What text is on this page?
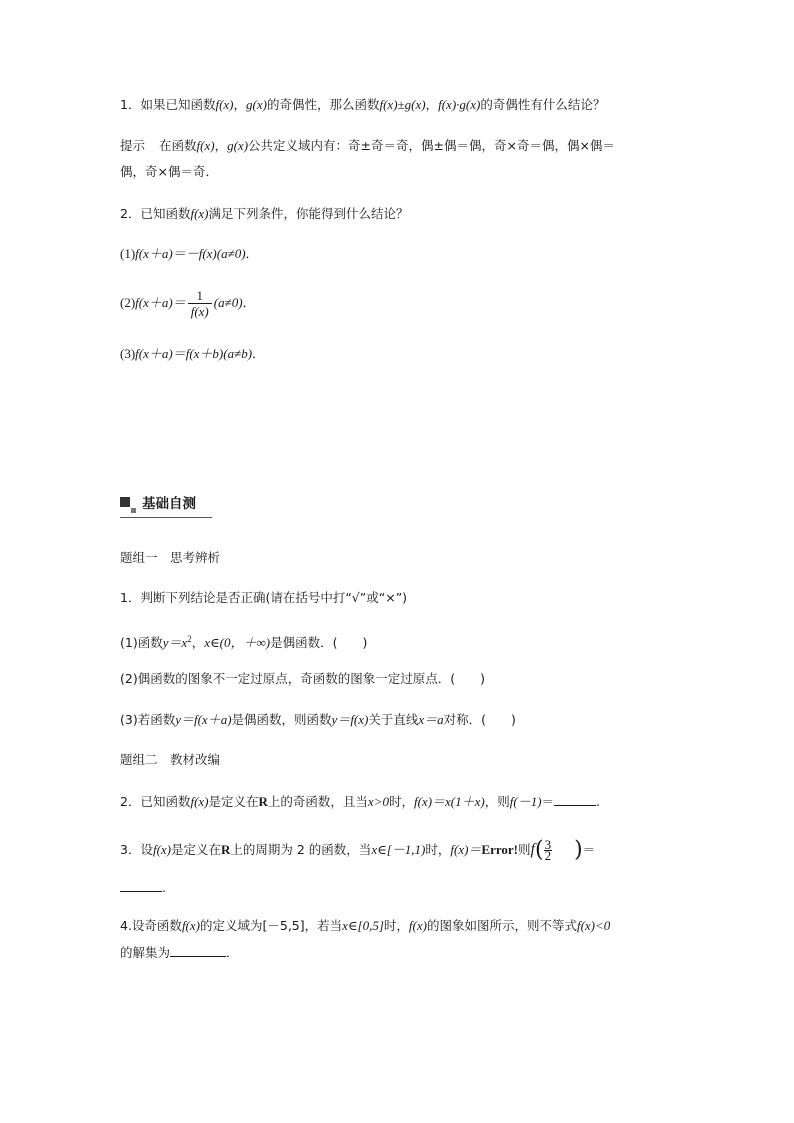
1．如果已知函数f(x)，g(x)的奇偶性，那么函数f(x)±g(x)，f(x)·g(x)的奇偶性有什么结论？
提示 在函数f(x)，g(x)公共定义域内有：奇±奇＝奇，偶±偶＝偶，奇×奇＝偶，偶×偶＝
偶，奇×偶＝奇．
2．已知函数f(x)满足下列条件，你能得到什么结论？
(1)f(x＋a)＝－f(x)(a≠0)．
$(2)f(x+a)= \frac{1}{f(x)} (a\ne 0)$．
(3)f(x＋a)＝f(x＋b)(a≠b)．
基础自测
题组一　思考辨析
1．判断下列结论是否正确(请在括号中打“√”或“×”)
(1)函数$y=x^2$，x∈(0，＋∞)是偶函数．(　　)
(2)偶函数的图象不一定过原点，奇函数的图象一定过原点．(　　)
(3)若函数y＝f(x＋a)是偶函数，则函数y＝f(x)关于直线x＝a对称．(　　)
题组二　教材改编
2．已知函数f(x)是定义在R上的奇函数，且当x>0时，f(x)＝x(1＋x)，则f(－1)＝	.
3．设f(x)是定义在R上的周期为 2 的函数，当x∈[－1,1)时，f(x)＝Error!则$f( \frac{3}{2}$ )＝
.
4.设奇函数f(x)的定义域为[－5,5]，若当x∈[0,5]时，f(x)的图象如图所示，则不等式f(x)<0
的解集为	．
